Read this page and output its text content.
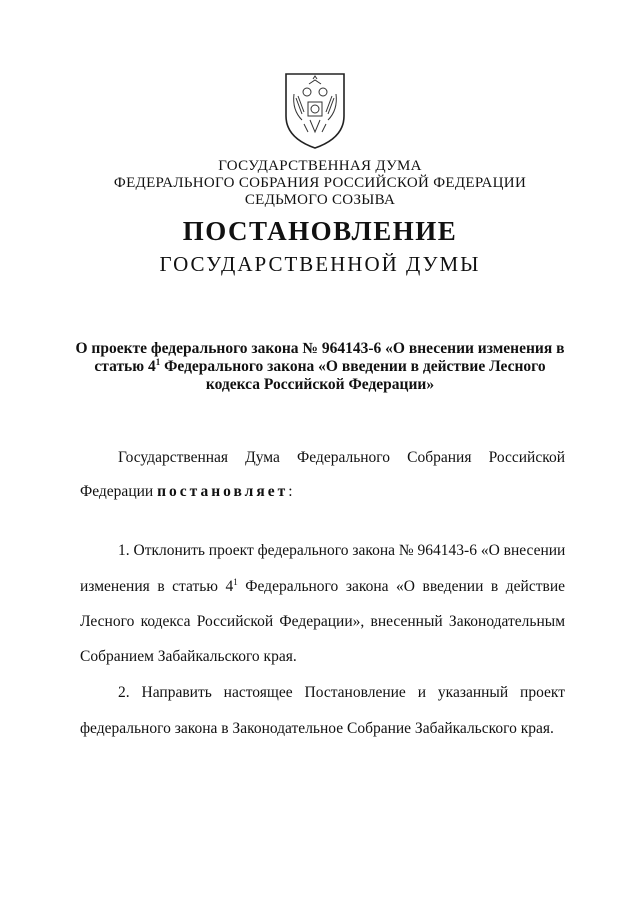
ГОСУДАРСТВЕННАЯ ДУМА
ФЕДЕРАЛЬНОГО СОБРАНИЯ РОССИЙСКОЙ ФЕДЕРАЦИИ
СЕДЬМОГО СОЗЫВА
ПОСТАНОВЛЕНИЕ
ГОСУДАРСТВЕННОЙ ДУМЫ
О проекте федерального закона № 964143-6 «О внесении изменения в статью $4^1$ Федерального закона «О введении в действие Лесного кодекса Российской Федерации»
Государственная Дума Федерального Собрания Российской
Федерации постановляет:
1. Отклонить проект федерального закона № 964143-6 «О внесении
изменения в статью $4^1$ Федерального закона «О введении в действие
Лесного кодекса Российской Федерации», внесенный Законодательным
Собранием Забайкальского края.
2. Направить настоящее Постановление и указанный проект
федерального закона в Законодательное Собрание Забайкальского края.
